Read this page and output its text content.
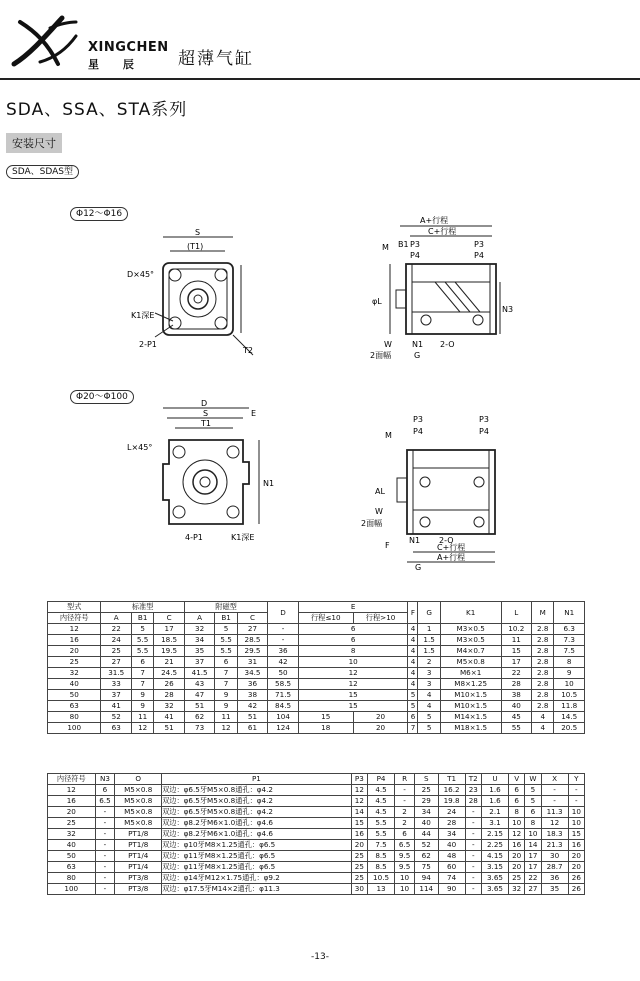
XINGCHEN
星 辰 超薄气缸
SDA、SSA、STA系列
安装尺寸
SDA、SDAS型
Φ12～Φ16
Φ20～Φ100
S
(T1)
D×45°
K1深E
2-P1
T2
A+行程
C+行程
B1 P3
P4
P3
P4
M
φL
N3
N1 2-O
G
W
2面幅
D
S
T1
E
L×45°
4-P1	K1深E
N1
P3
P4
P3
P4
M
AL
W
2面幅
F
N1 2-O
G
C+行程
A+行程
型式	标准型			附磁型			D	E		F	G	K1	L	M	N1
内径符号	A	B1	C	A	B1	C		行程≤10	行程>10						
12	22	5	17	32	5	27	-	6		4	1	M3×0.5	10.2	2.8	6.3
16	24	5.5	18.5	34	5.5	28.5	-	6		4	1.5	M3×0.5	11	2.8	7.3
20	25	5.5	19.5	35	5.5	29.5	36	8		4	1.5	M4×0.7	15	2.8	7.5
25	27	6	21	37	6	31	42	10		4	2	M5×0.8	17	2.8	8
32	31.5	7	24.5	41.5	7	34.5	50	12		4	3	M6×1	22	2.8	9
40	33	7	26	43	7	36	58.5	12		4	3	M8×1.25	28	2.8	10
50	37	9	28	47	9	38	71.5	15		5	4	M10×1.5	38	2.8	10.5
63	41	9	32	51	9	42	84.5	15		5	4	M10×1.5	40	2.8	11.8
80	52	11	41	62	11	51	104	15	20	6	5	M14×1.5	45	4	14.5
100	63	12	51	73	12	61	124	18	20	7	5	M18×1.5	55	4	20.5
内径符号	N3	O	P1	P3	P4	R	S	T1	T2	U	V	W	X	Y
12	6	M5×0.8	双边：φ6.5牙M5×0.8通孔：φ4.2	12	4.5	-	25	16.2	23	1.6	6	5	-	-
16	6.5	M5×0.8	双边：φ6.5牙M5×0.8通孔：φ4.2	12	4.5	-	29	19.8	28	1.6	6	5	-	-
20	-	M5×0.8	双边：φ6.5牙M5×0.8通孔：φ4.2	14	4.5	2	34	24	-	2.1	8	6	11.3	10
25	-	M5×0.8	双边：φ8.2牙M6×1.0通孔：φ4.6	15	5.5	2	40	28	-	3.1	10	8	12	10
32	-	PT1/8	双边：φ8.2牙M6×1.0通孔：φ4.6	16	5.5	6	44	34	-	2.15	12	10	18.3	15
40	-	PT1/8	双边：φ10牙M8×1.25通孔：φ6.5	20	7.5	6.5	52	40	-	2.25	16	14	21.3	16
50	-	PT1/4	双边：φ11牙M8×1.25通孔：φ6.5	25	8.5	9.5	62	48	-	4.15	20	17	30	20
63	-	PT1/4	双边：φ11牙M8×1.25通孔：φ6.5	25	8.5	9.5	75	60	-	3.15	20	17	28.7	20
80	-	PT3/8	双边：φ14牙M12×1.75通孔：φ9.2	25	10.5	10	94	74	-	3.65	25	22	36	26
100	-	PT3/8	双边：φ17.5牙M14×2通孔：φ11.3	30	13	10	114	90	-	3.65	32	27	35	26
-13-
